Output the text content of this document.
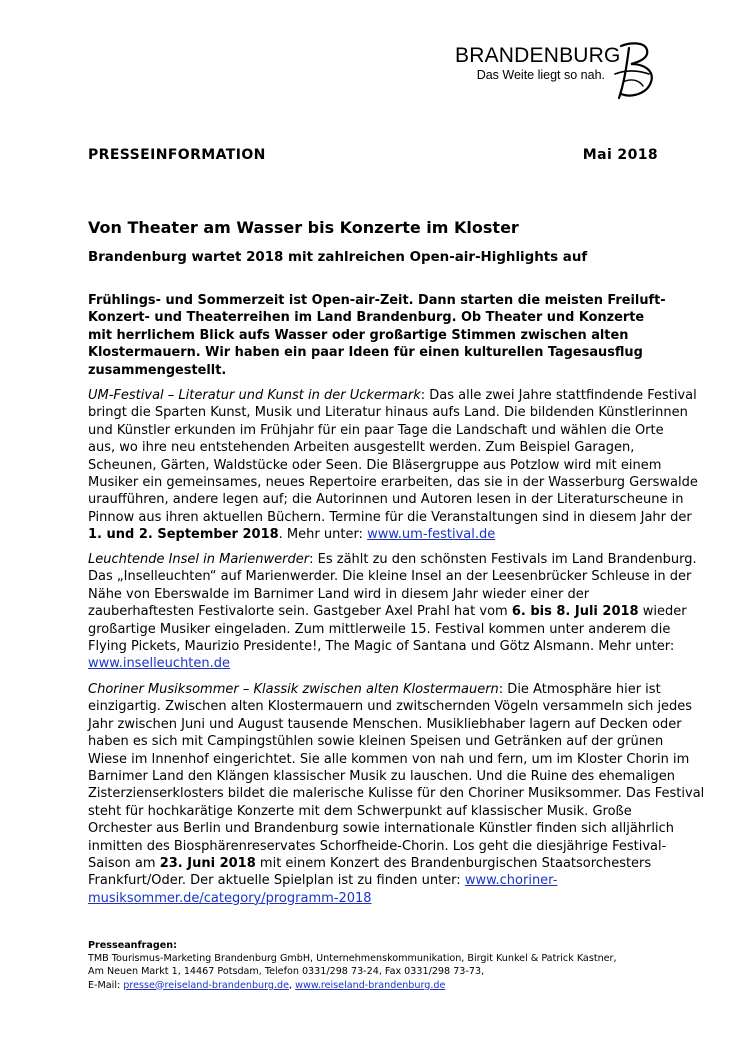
BRANDENBURG
Das Weite liegt so nah.
PRESSEINFORMATION	Mai 2018
Von Theater am Wasser bis Konzerte im Kloster
Brandenburg wartet 2018 mit zahlreichen Open-air-Highlights auf
Frühlings- und Sommerzeit ist Open-air-Zeit. Dann starten die meisten Freiluft-
Konzert- und Theaterreihen im Land Brandenburg. Ob Theater und Konzerte
mit herrlichem Blick aufs Wasser oder großartige Stimmen zwischen alten
Klostermauern. Wir haben ein paar Ideen für einen kulturellen Tagesausflug
zusammengestellt.
UM-Festival – Literatur und Kunst in der Uckermark: Das alle zwei Jahre stattfindende Festival
bringt die Sparten Kunst, Musik und Literatur hinaus aufs Land. Die bildenden Künstlerinnen
und Künstler erkunden im Frühjahr für ein paar Tage die Landschaft und wählen die Orte
aus, wo ihre neu entstehenden Arbeiten ausgestellt werden. Zum Beispiel Garagen,
Scheunen, Gärten, Waldstücke oder Seen. Die Bläsergruppe aus Potzlow wird mit einem
Musiker ein gemeinsames, neues Repertoire erarbeiten, das sie in der Wasserburg Gerswalde
uraufführen, andere legen auf; die Autorinnen und Autoren lesen in der Literaturscheune in
Pinnow aus ihren aktuellen Büchern. Termine für die Veranstaltungen sind in diesem Jahr der
1. und 2. September 2018. Mehr unter: www.um-festival.de
Leuchtende Insel in Marienwerder: Es zählt zu den schönsten Festivals im Land Brandenburg.
Das „Inselleuchten“ auf Marienwerder. Die kleine Insel an der Leesenbrücker Schleuse in der
Nähe von Eberswalde im Barnimer Land wird in diesem Jahr wieder einer der
zauberhaftesten Festivalorte sein. Gastgeber Axel Prahl hat vom 6. bis 8. Juli 2018 wieder
großartige Musiker eingeladen. Zum mittlerweile 15. Festival kommen unter anderem die
Flying Pickets, Maurizio Presidente!, The Magic of Santana und Götz Alsmann. Mehr unter:
www.inselleuchten.de
Choriner Musiksommer – Klassik zwischen alten Klostermauern: Die Atmosphäre hier ist
einzigartig. Zwischen alten Klostermauern und zwitschernden Vögeln versammeln sich jedes
Jahr zwischen Juni und August tausende Menschen. Musikliebhaber lagern auf Decken oder
haben es sich mit Campingstühlen sowie kleinen Speisen und Getränken auf der grünen
Wiese im Innenhof eingerichtet. Sie alle kommen von nah und fern, um im Kloster Chorin im
Barnimer Land den Klängen klassischer Musik zu lauschen. Und die Ruine des ehemaligen
Zisterzienserklosters bildet die malerische Kulisse für den Choriner Musiksommer. Das Festival
steht für hochkarätige Konzerte mit dem Schwerpunkt auf klassischer Musik. Große
Orchester aus Berlin und Brandenburg sowie internationale Künstler finden sich alljährlich
inmitten des Biosphärenreservates Schorfheide-Chorin. Los geht die diesjährige Festival-
Saison am 23. Juni 2018 mit einem Konzert des Brandenburgischen Staatsorchesters
Frankfurt/Oder. Der aktuelle Spielplan ist zu finden unter: www.choriner-
musiksommer.de/category/programm-2018
Presseanfragen:
TMB Tourismus-Marketing Brandenburg GmbH, Unternehmenskommunikation, Birgit Kunkel & Patrick Kastner,
Am Neuen Markt 1, 14467 Potsdam, Telefon 0331/298 73-24, Fax 0331/298 73-73,
E-Mail: presse@reiseland-brandenburg.de, www.reiseland-brandenburg.de
